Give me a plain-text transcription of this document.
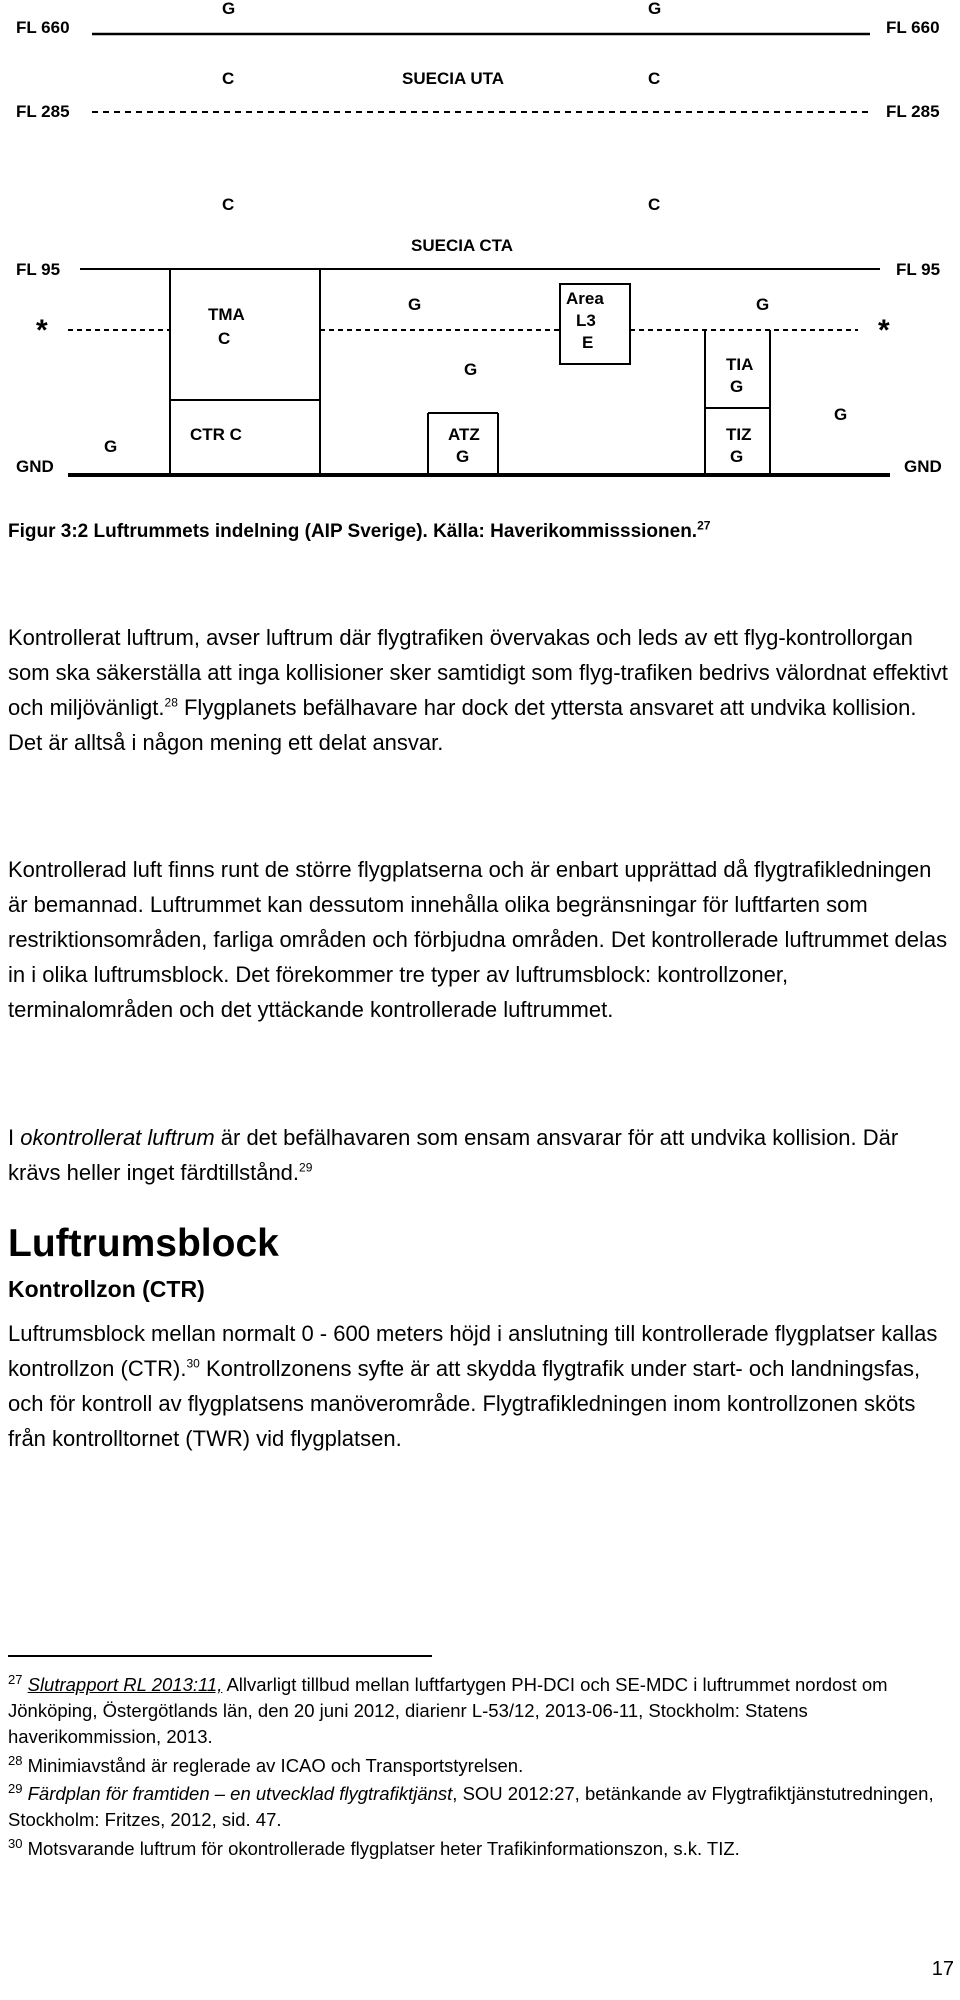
FL 660	FL 660
G	G
C	C
SUECIA UTA
FL 285	FL 285
C	C
SUECIA CTA
FL 95	FL 95
*	*
TMA
C
G	Area
L3
E
G
G	TIA
G
G
G
CTR C	ATZ
G
TIZ
G
GND	GND
Figur 3:2 Luftrummets indelning (AIP Sverige). Källa: Haverikommisssionen.$^{27}$

Kontrollerat luftrum, avser luftrum där flygtrafiken övervakas och leds av ett flyg-kontrollorgan som ska säkerställa att inga kollisioner sker samtidigt som flyg-trafiken bedrivs välordnat effektivt och miljövänligt.$^{28}$ Flygplanets befälhavare har dock det yttersta ansvaret att undvika kollision. Det är alltså i någon mening ett delat ansvar.

Kontrollerad luft finns runt de större flygplatserna och är enbart upprättad då flygtrafikledningen är bemannad. Luftrummet kan dessutom innehålla olika begränsningar för luftfarten som restriktionsområden, farliga områden och förbjudna områden. Det kontrollerade luftrummet delas in i olika luftrumsblock. Det förekommer tre typer av luftrumsblock: kontrollzoner, terminalområden och det yttäckande kontrollerade luftrummet.

I okontrollerat luftrum är det befälhavaren som ensam ansvarar för att undvika kollision. Där krävs heller inget färdtillstånd.$^{29}$

Luftrumsblock
Kontrollzon (CTR)

Luftrumsblock mellan normalt 0 - 600 meters höjd i anslutning till kontrollerade flygplatser kallas kontrollzon (CTR).$^{30}$ Kontrollzonens syfte är att skydda flygtrafik under start- och landningsfas, och för kontroll av flygplatsens manöverområde. Flygtrafikledningen inom kontrollzonen sköts från kontrolltornet (TWR) vid flygplatsen.

$^{27}$ Slutrapport RL 2013:11, Allvarligt tillbud mellan luftfartygen PH-DCI och SE-MDC i luftrummet nordost om Jönköping, Östergötlands län, den 20 juni 2012, diarienr L-53/12, 2013-06-11, Stockholm: Statens haverikommission, 2013.

$^{28}$ Minimiavstånd är reglerade av ICAO och Transportstyrelsen.

$^{29}$ Färdplan för framtiden – en utvecklad flygtrafiktjänst, SOU 2012:27, betänkande av Flygtrafiktjänstutredningen, Stockholm: Fritzes, 2012, sid. 47.

$^{30}$ Motsvarande luftrum för okontrollerade flygplatser heter Trafikinformationszon, s.k. TIZ.

17
